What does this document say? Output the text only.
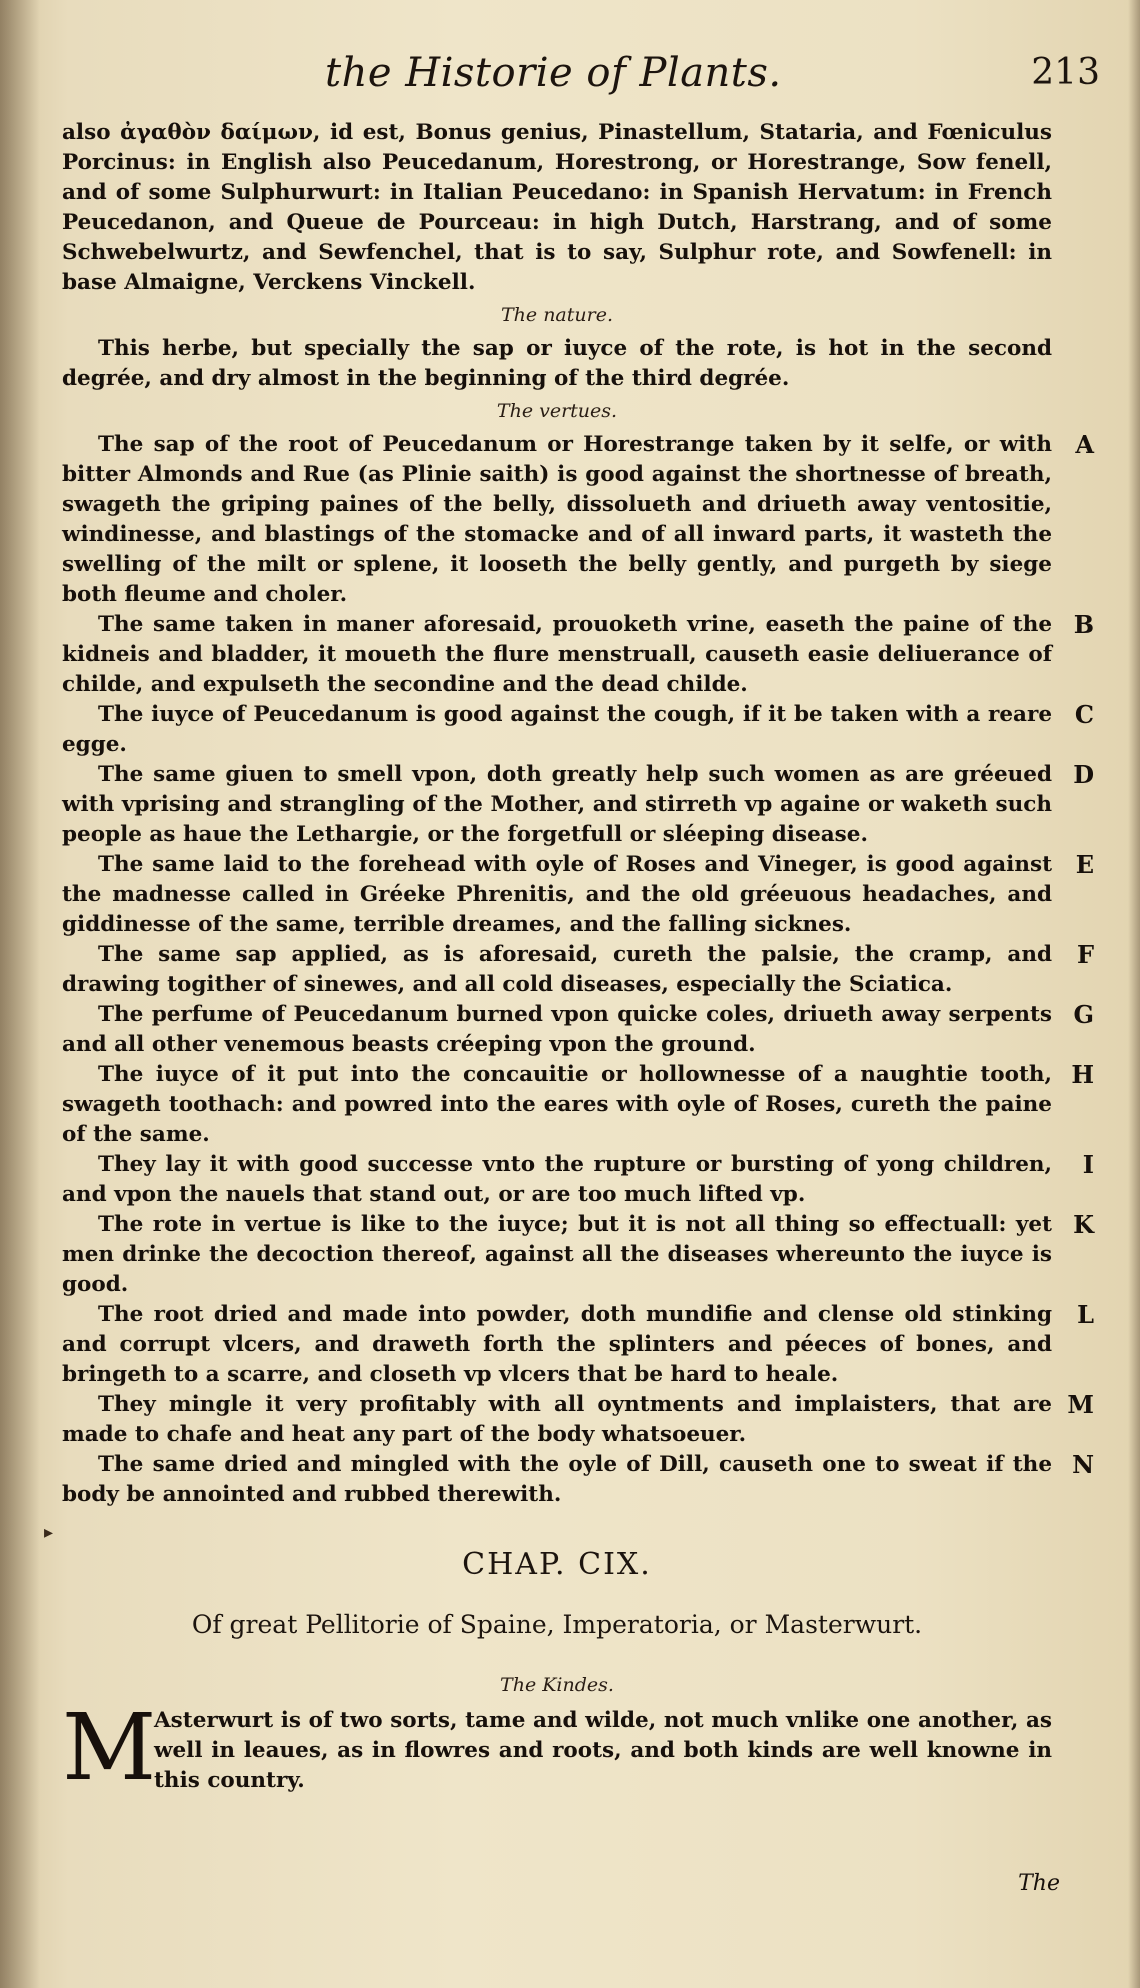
the Historie of Plants.	213

also ἀγαθὸν δαίμων, id est, Bonus genius, Pinastellum, Stataria, and Fœniculus Porcinus: in English also Peucedanum, Horestrong, or Horestrange, Sow fenell, and of some Sulphurwurt: in Italian Peucedano: in Spanish Hervatum: in French Peucedanon, and Queue de Pourceau: in high Dutch, Harstrang, and of some Schwebelwurtz, and Sewfenchel, that is to say, Sulphur rote, and Sowfenell: in base Almaigne, Verckens Vinckell.

The nature.

This herbe, but specially the sap or iuyce of the rote, is hot in the second degrée, and dry almost in the beginning of the third degrée.

The vertues.

The sap of the root of Peucedanum or Horestrange taken by it selfe, or with bitter Almonds and Rue (as Plinie saith) is good against the shortnesse of breath, swageth the griping paines of the belly, dissolueth and driueth away ventositie, windinesse, and blastings of the stomacke and of all inward parts, it wasteth the swelling of the milt or splene, it looseth the belly gently, and purgeth by siege both fleume and choler.
A

The same taken in maner aforesaid, prouoketh vrine, easeth the paine of the kidneis and bladder, it moueth the flure menstruall, causeth easie deliuerance of childe, and expulseth the secondine and the dead childe.
B

The iuyce of Peucedanum is good against the cough, if it be taken with a reare egge.
C

The same giuen to smell vpon, doth greatly help such women as are gréeued with vprising and strangling of the Mother, and stirreth vp againe or waketh such people as haue the Lethargie, or the forgetfull or sléeping disease.
D

The same laid to the forehead with oyle of Roses and Vineger, is good against the madnesse called in Gréeke Phrenitis, and the old gréeuous headaches, and giddinesse of the same, terrible dreames, and the falling sicknes.
E

The same sap applied, as is aforesaid, cureth the palsie, the cramp, and drawing togither of sinewes, and all cold diseases, especially the Sciatica.
F

The perfume of Peucedanum burned vpon quicke coles, driueth away serpents and all other venemous beasts créeping vpon the ground.
G

The iuyce of it put into the concauitie or hollownesse of a naughtie tooth, swageth toothach: and powred into the eares with oyle of Roses, cureth the paine of the same.
H

They lay it with good successe vnto the rupture or bursting of yong children, and vpon the nauels that stand out, or are too much lifted vp.
I

The rote in vertue is like to the iuyce; but it is not all thing so effectuall: yet men drinke the decoction thereof, against all the diseases whereunto the iuyce is good.
K

The root dried and made into powder, doth mundifie and clense old stinking and corrupt vlcers, and draweth forth the splinters and péeces of bones, and bringeth to a scarre, and closeth vp vlcers that be hard to heale.
L

They mingle it very profitably with all oyntments and implaisters, that are made to chafe and heat any part of the body whatsoeuer.
M

The same dried and mingled with the oyle of Dill, causeth one to sweat if the body be annointed and rubbed therewith.
N

CHAP. CIX.
Of great Pellitorie of Spaine, Imperatoria, or Masterwurt.
The Kindes.
M

Asterwurt is of two sorts, tame and wilde, not much vnlike one another, as well in leaues, as in flowres and roots, and both kinds are well knowne in this country.

▸
The
